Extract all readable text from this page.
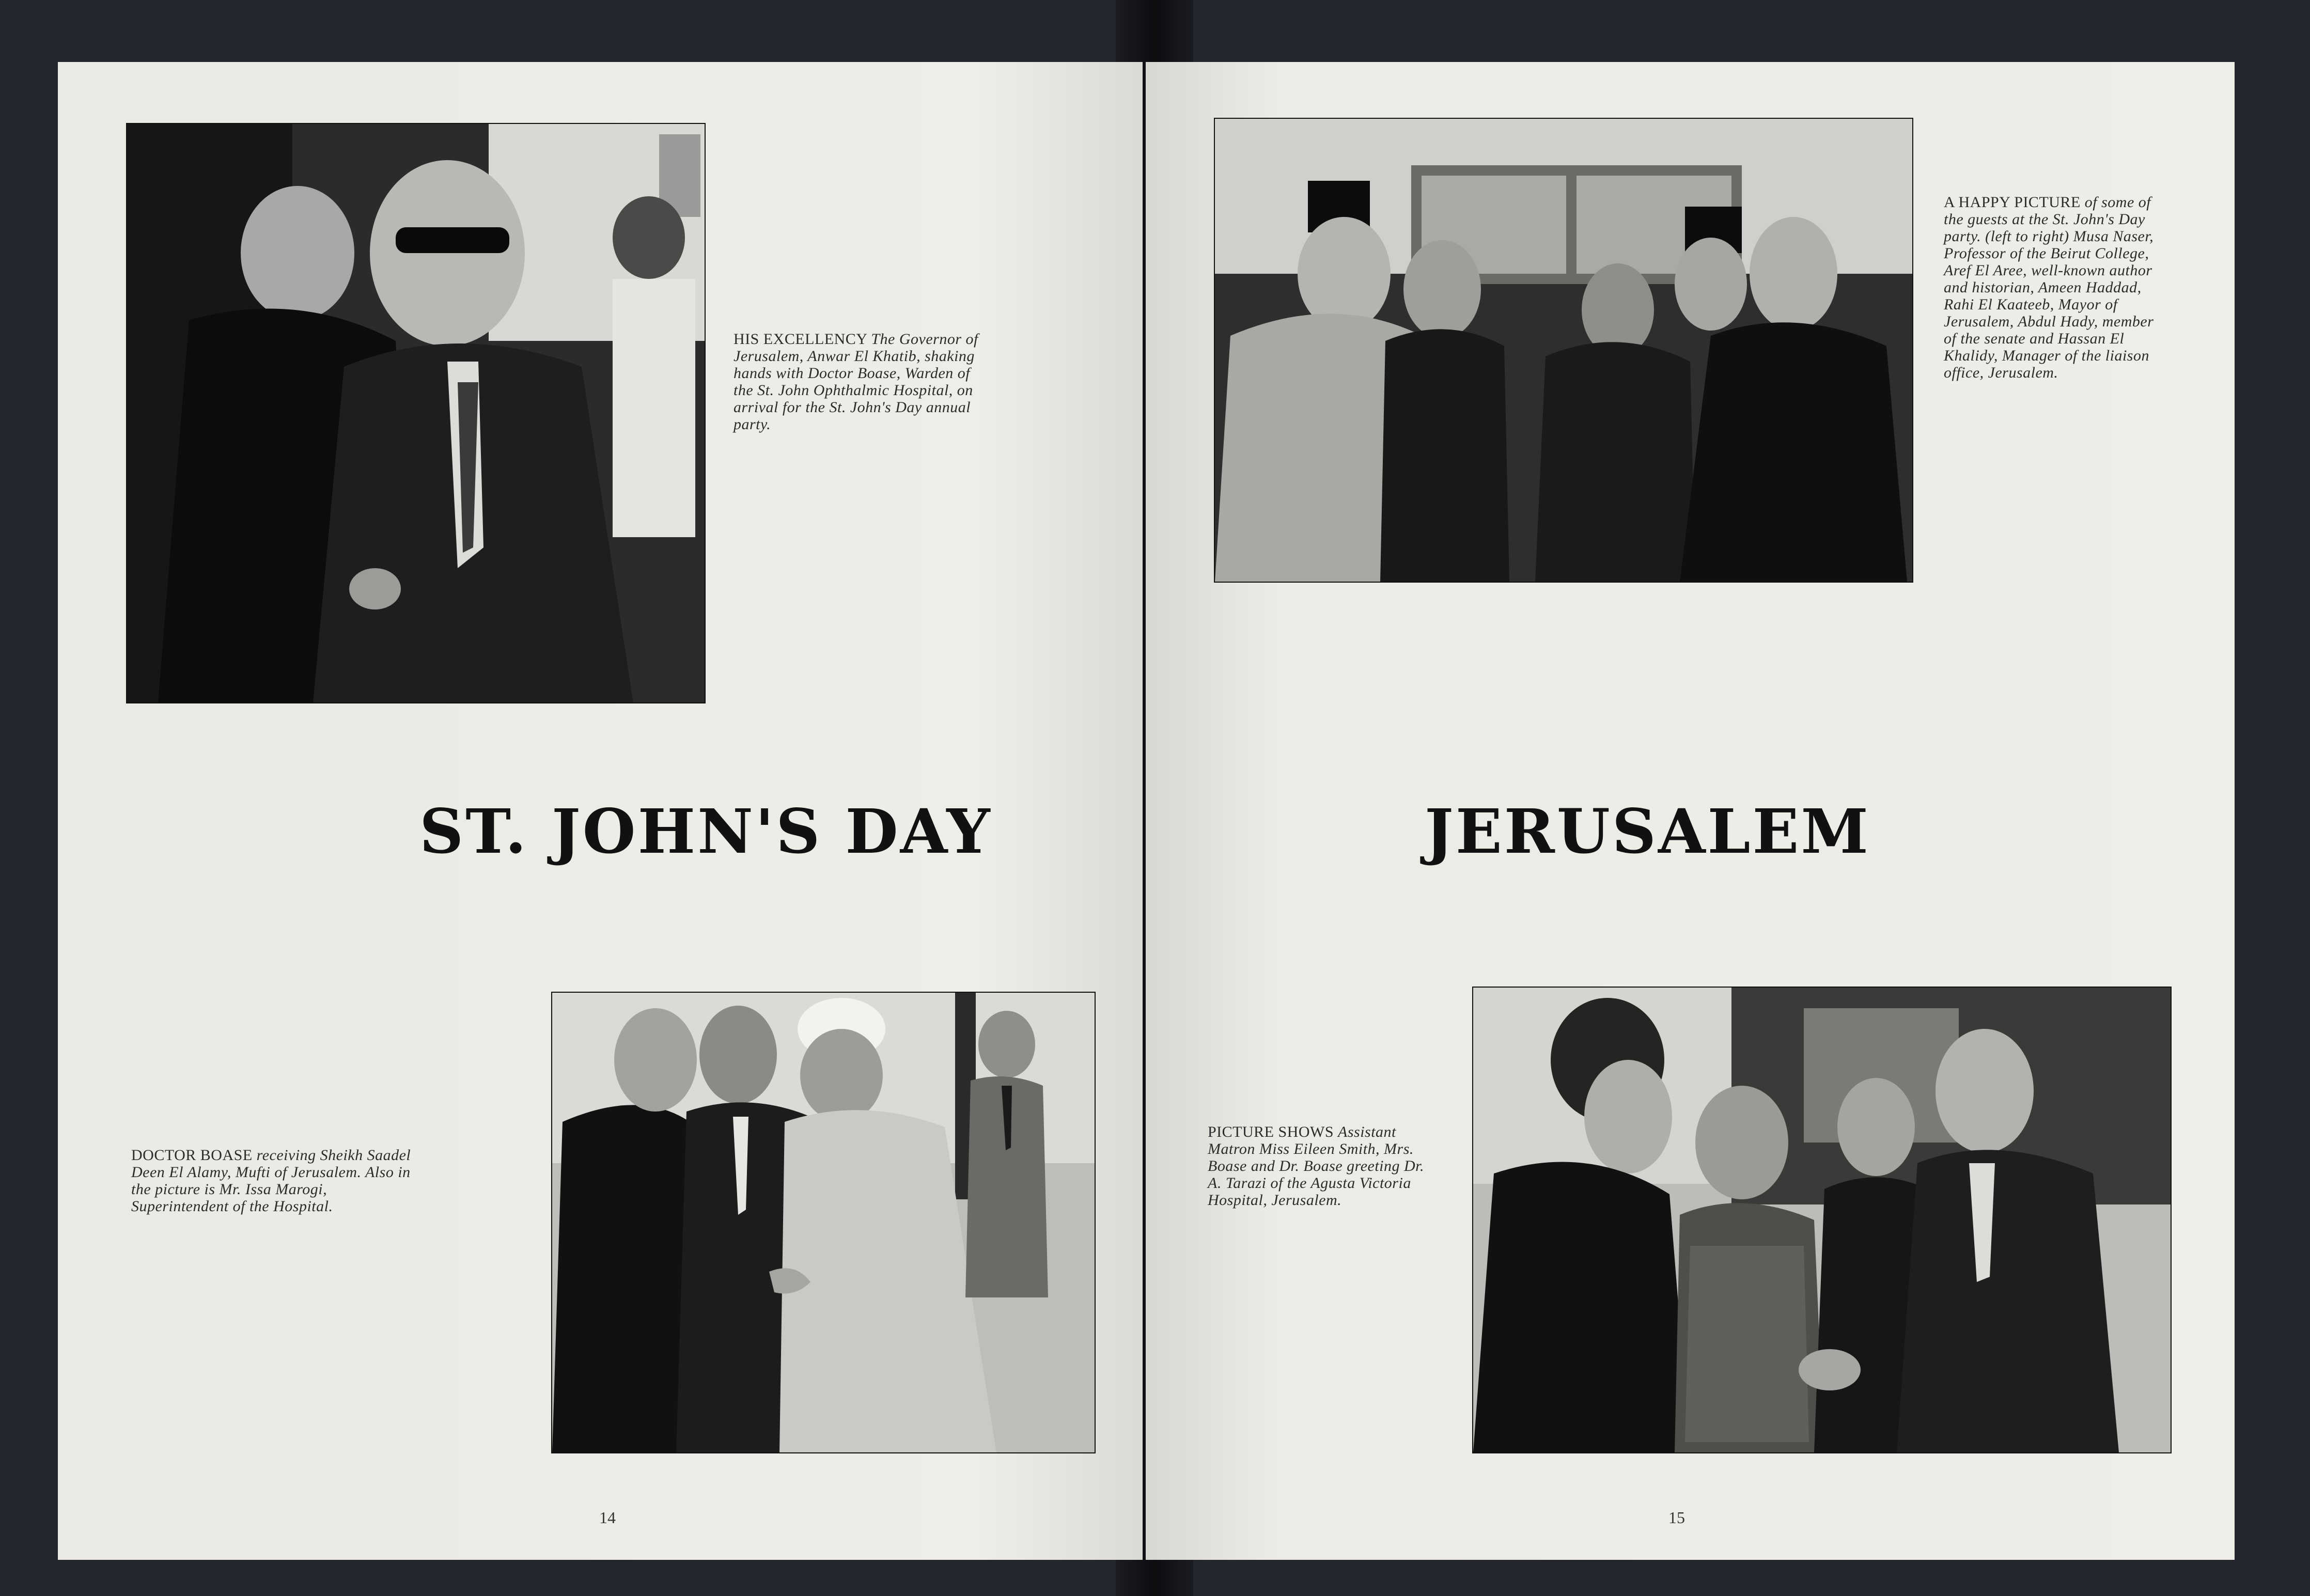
HIS EXCELLENCY The Governor of Jerusalem, Anwar El Khatib, shaking hands with Doctor Boase, Warden of the St. John Ophthalmic Hospital, on arrival for the St. John's Day annual party.
ST. JOHN'S DAY
DOCTOR BOASE receiving Sheikh Saadel Deen El Alamy, Mufti of Jerusalem. Also in the picture is Mr. Issa Marogi, Superintendent of the Hospital.
14
A HAPPY PICTURE of some of the guests at the St. John's Day party. (left to right) Musa Naser, Professor of the Beirut College, Aref El Aree, well-known author and historian, Ameen Haddad, Rahi El Kaateeb, Mayor of Jerusalem, Abdul Hady, member of the senate and Hassan El Khalidy, Manager of the liaison office, Jerusalem.
JERUSALEM
PICTURE SHOWS Assistant Matron Miss Eileen Smith, Mrs. Boase and Dr. Boase greeting Dr. A. Tarazi of the Agusta Victoria Hospital, Jerusalem.
15
